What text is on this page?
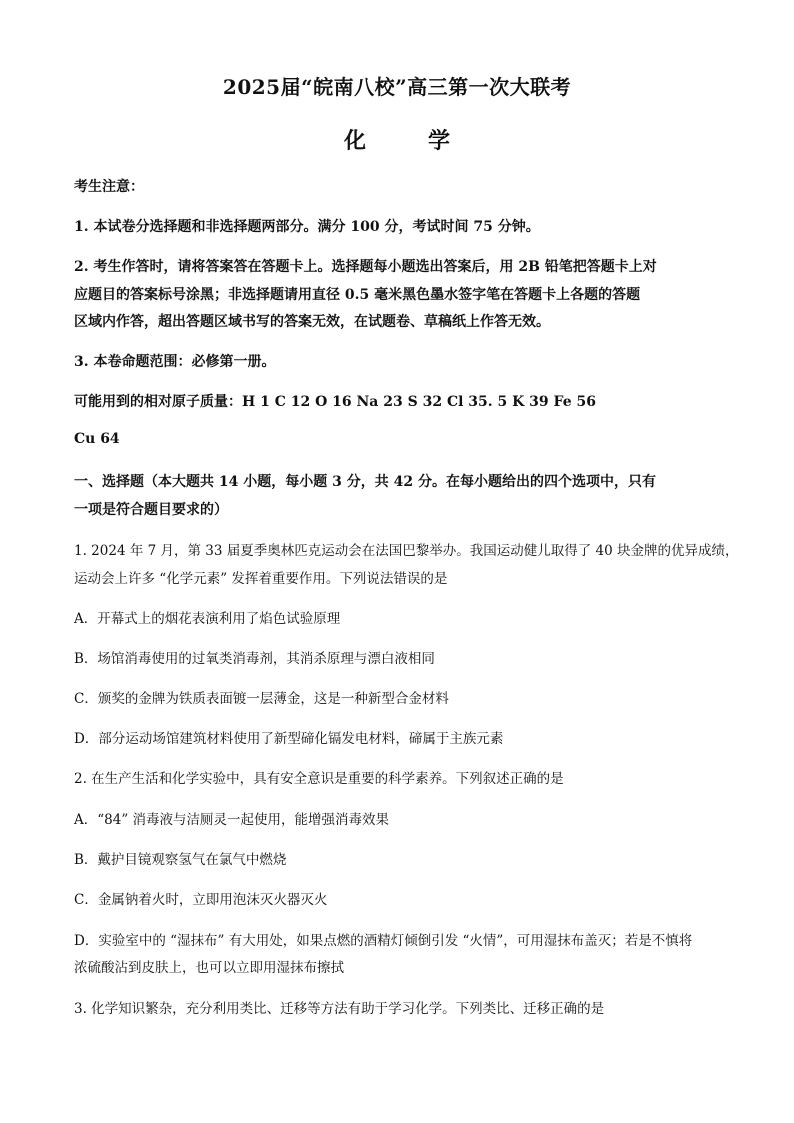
2025届“皖南八校”高三第一次大联考
化学
考生注意：
1. 本试卷分选择题和非选择题两部分。满分 100 分，考试时间 75 分钟。
2. 考生作答时，请将答案答在答题卡上。选择题每小题选出答案后，用 2B 铅笔把答题卡上对
应题目的答案标号涂黑；非选择题请用直径 0.5 毫米黑色墨水签字笔在答题卡上各题的答题
区域内作答，超出答题区域书写的答案无效，在试题卷、草稿纸上作答无效。
3. 本卷命题范围：必修第一册。
可能用到的相对原子质量：H 1 C 12 O 16 Na 23 S 32 Cl 35. 5 K 39 Fe 56
Cu 64
一、选择题（本大题共 14 小题，每小题 3 分，共 42 分。在每小题给出的四个选项中，只有
一项是符合题目要求的）
1. 2024 年 7 月，第 33 届夏季奥林匹克运动会在法国巴黎举办。我国运动健儿取得了 40 块金牌的优异成绩，
运动会上许多 “化学元素” 发挥着重要作用。下列说法错误的是
A．开幕式上的烟花表演利用了焰色试验原理
B．场馆消毒使用的过氧类消毒剂，其消杀原理与漂白液相同
C．颁奖的金牌为铁质表面镀一层薄金，这是一种新型合金材料
D．部分运动场馆建筑材料使用了新型碲化镉发电材料，碲属于主族元素
2. 在生产生活和化学实验中，具有安全意识是重要的科学素养。下列叙述正确的是
A．“84” 消毒液与洁厕灵一起使用，能增强消毒效果
B．戴护目镜观察氢气在氯气中燃烧
C．金属钠着火时，立即用泡沫灭火器灭火
D．实验室中的 “湿抹布” 有大用处，如果点燃的酒精灯倾倒引发 “火情”，可用湿抹布盖灭；若是不慎将
浓硫酸沾到皮肤上，也可以立即用湿抹布擦拭
3. 化学知识繁杂，充分利用类比、迁移等方法有助于学习化学。下列类比、迁移正确的是
